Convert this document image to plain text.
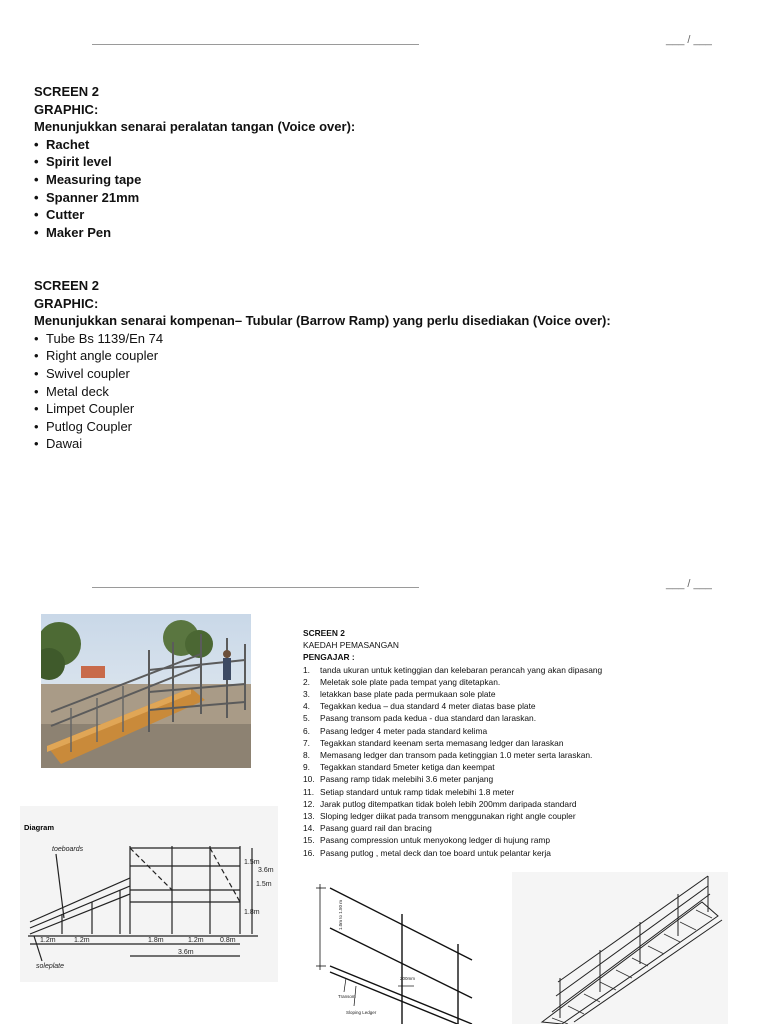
___ / ___
SCREEN 2
GRAPHIC:
Menunjukkan senarai peralatan tangan (Voice over):
• Rachet
• Spirit level
• Measuring tape
• Spanner 21mm
• Cutter
• Maker Pen
SCREEN 2
GRAPHIC:
Menunjukkan senarai kompenan– Tubular (Barrow Ramp) yang perlu disediakan (Voice over):
• Tube Bs 1139/En 74
• Right angle coupler
• Swivel coupler
• Metal deck
• Limpet Coupler
• Putlog Coupler
• Dawai
___ / ___
Diagram
toeboards
soleplate
1.2m	1.2m	1.8m	1.2m 0.8m
3.6m
1.5m
1.5m
1.8m
3.6m
SCREEN 2
KAEDAH PEMASANGAN
PENGAJAR :
1. tanda ukuran untuk ketinggian dan kelebaran perancah yang akan dipasang
2. Meletak sole plate pada tempat yang ditetapkan.
3. letakkan base plate pada permukaan sole plate
4. Tegakkan kedua – dua standard 4 meter diatas base plate
5. Pasang transom pada kedua - dua standard dan laraskan.
6. Pasang ledger 4 meter pada standard kelima
7. Tegakkan standard keenam serta memasang ledger dan laraskan
8. Memasang ledger dan transom pada ketinggian 1.0 meter serta laraskan.
9. Tegakkan standard 5meter ketiga dan keempat
10. Pasang ramp tidak melebihi 3.6 meter panjang
11. Setiap standard untuk ramp tidak melebihi 1.8 meter
12. Jarak putlog ditempatkan tidak boleh lebih 200mm daripada standard
13. Sloping ledger diikat pada transom menggunakan right angle coupler
14. Pasang guard rail dan bracing
15. Pasang compression untuk menyokong ledger di hujung ramp
16. Pasang putlog , metal deck dan toe board untuk pelantar kerja
1.0m to 1.50 m
200mm
Transom
Sloping Ledger
